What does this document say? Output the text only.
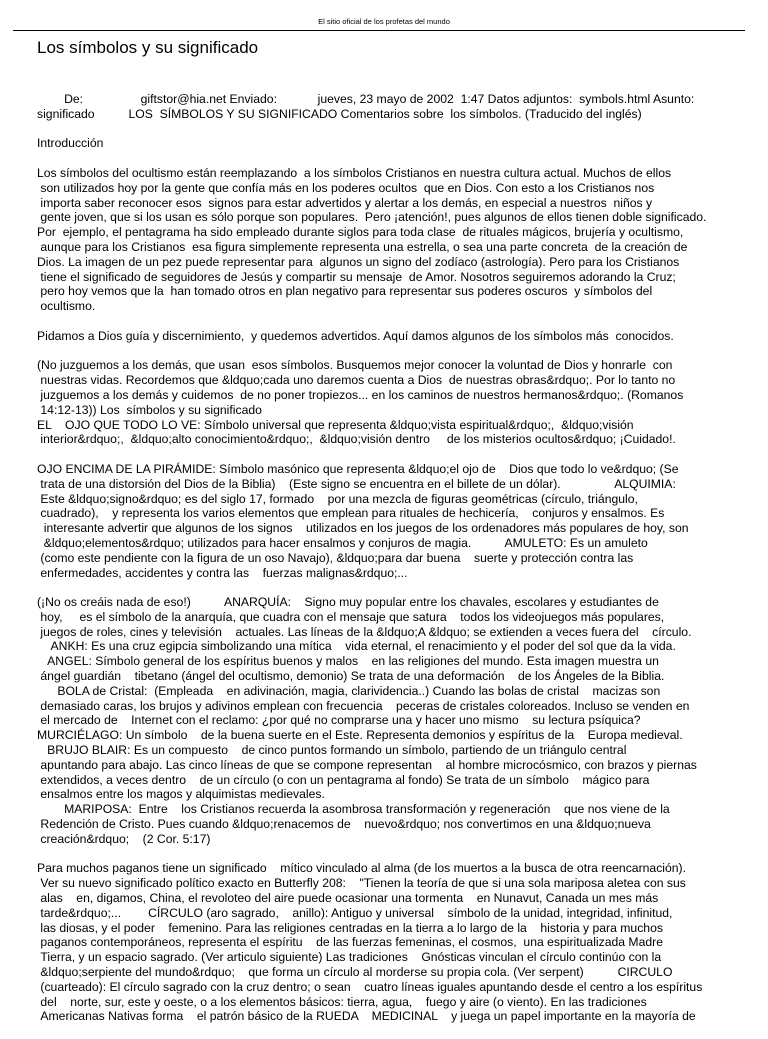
El sitio oficial de los profetas del mundo
Los símbolos y su significado

De:                 giftstor@hia.net Enviado:            jueves, 23 mayo de 2002  1:47 Datos adjuntos:  symbols.html Asunto:
significado          LOS  SÍMBOLOS Y SU SIGNIFICADO Comentarios sobre  los símbolos. (Traducido del inglés)

Introducción

Los símbolos del ocultismo están reemplazando  a los símbolos Cristianos en nuestra cultura actual. Muchos de ellos
son utilizados hoy por la gente que confía más en los poderes ocultos  que en Dios. Con esto a los Cristianos nos
importa saber reconocer esos  signos para estar advertidos y alertar a los demás, en especial a nuestros  niños y
gente joven, que si los usan es sólo porque son populares.  Pero ¡atención!, pues algunos de ellos tienen doble significado.
Por  ejemplo, el pentagrama ha sido empleado durante siglos para toda clase  de rituales mágicos, brujería y ocultismo,
aunque para los Cristianos  esa figura simplemente representa una estrella, o sea una parte concreta  de la creación de
Dios. La imagen de un pez puede representar para  algunos un signo del zodíaco (astrología). Pero para los Cristianos
tiene el significado de seguidores de Jesús y compartir su mensaje  de Amor. Nosotros seguiremos adorando la Cruz;
pero hoy vemos que la  han tomado otros en plan negativo para representar sus poderes oscuros  y símbolos del
ocultismo.

Pidamos a Dios guía y discernimiento,  y quedemos advertidos. Aquí damos algunos de los símbolos más  conocidos.

(No juzguemos a los demás, que usan  esos símbolos. Busquemos mejor conocer la voluntad de Dios y honrarle  con
nuestras vidas. Recordemos que &ldquo;cada uno daremos cuenta a Dios  de nuestras obras&rdquo;. Por lo tanto no
juzguemos a los demás y cuidemos  de no poner tropiezos... en los caminos de nuestros hermanos&rdquo;. (Romanos
14:12-13)) Los  símbolos y su significado
EL    OJO QUE TODO LO VE: Símbolo universal que representa &ldquo;vista espiritual&rdquo;,  &ldquo;visión
interior&rdquo;,  &ldquo;alto conocimiento&rdquo;,  &ldquo;visión dentro     de los misterios ocultos&rdquo; ¡Cuidado!.

OJO ENCIMA DE LA PIRÁMIDE: Símbolo masónico que representa &ldquo;el ojo de    Dios que todo lo ve&rdquo; (Se
trata de una distorsión del Dios de la Biblia)    (Este signo se encuentra en el billete de un dólar).                ALQUIMIA:
Este &ldquo;signo&rdquo; es del siglo 17, formado    por una mezcla de figuras geométricas (círculo, triángulo,
cuadrado),    y representa los varios elementos que emplean para rituales de hechicería,    conjuros y ensalmos. Es
interesante advertir que algunos de los signos    utilizados en los juegos de los ordenadores más populares de hoy, son
&ldquo;elementos&rdquo; utilizados para hacer ensalmos y conjuros de magia.          AMULETO: Es un amuleto
(como este pendiente con la figura de un oso Navajo), &ldquo;para dar buena    suerte y protección contra las
enfermedades, accidentes y contra las    fuerzas malignas&rdquo;...

(¡No os creáis nada de eso!)          ANARQUÍA:    Signo muy popular entre los chavales, escolares y estudiantes de
hoy,     es el símbolo de la anarquía, que cuadra con el mensaje que satura    todos los videojuegos más populares,
juegos de roles, cines y televisión    actuales. Las líneas de la &ldquo;A &ldquo; se extienden a veces fuera del    círculo.
ANKH: Es una cruz egipcia simbolizando una mítica    vida eternal, el renacimiento y el poder del sol que da la vida.
ANGEL: Símbolo general de los espíritus buenos y malos    en las religiones del mundo. Esta imagen muestra un
ángel guardián    tibetano (ángel del ocultismo, demonio) Se trata de una deformación    de los Ángeles de la Biblia.
BOLA de Cristal:  (Empleada    en adivinación, magia, clarividencia..) Cuando las bolas de cristal    macizas son
demasiado caras, los brujos y adivinos emplean con frecuencia    peceras de cristales coloreados. Incluso se venden en
el mercado de    Internet con el reclamo: ¿por qué no comprarse una y hacer uno mismo    su lectura psíquica?
MURCIÉLAGO: Un símbolo    de la buena suerte en el Este. Representa demonios y espíritus de la    Europa medieval.
BRUJO BLAIR: Es un compuesto    de cinco puntos formando un símbolo, partiendo de un triángulo central
apuntando para abajo. Las cinco líneas de que se compone representan    al hombre microcósmico, con brazos y piernas
extendidos, a veces dentro    de un círculo (o con un pentagrama al fondo) Se trata de un símbolo    mágico para
ensalmos entre los magos y alquimistas medievales.
MARIPOSA:  Entre    los Cristianos recuerda la asombrosa transformación y regeneración    que nos viene de la
Redención de Cristo. Pues cuando &ldquo;renacemos de    nuevo&rdquo; nos convertimos en una &ldquo;nueva
creación&rdquo;    (2 Cor. 5:17)

Para muchos paganos tiene un significado    mítico vinculado al alma (de los muertos a la busca de otra reencarnación).
Ver su nuevo significado político exacto en Butterfly 208:    "Tienen la teoría de que si una sola mariposa aletea con sus
alas    en, digamos, China, el revoloteo del aire puede ocasionar una tormenta    en Nunavut, Canada un mes más
tarde&rdquo;...        CÍRCULO (aro sagrado,    anillo): Antiguo y universal    símbolo de la unidad, integridad, infinitud,
las diosas, y el poder    femenino. Para las religiones centradas en la tierra a lo largo de la    historia y para muchos
paganos contemporáneos, representa el espíritu    de las fuerzas femeninas, el cosmos,  una espiritualizada Madre
Tierra, y un espacio sagrado. (Ver articulo siguiente) Las tradiciones    Gnósticas vinculan el círculo continúo con la
&ldquo;serpiente del mundo&rdquo;    que forma un círculo al morderse su propia cola. (Ver serpent)          CIRCULO
(cuarteado): El círculo sagrado con la cruz dentro; o sean    cuatro líneas iguales apuntando desde el centro a los espíritus
del    norte, sur, este y oeste, o a los elementos básicos: tierra, agua,    fuego y aire (o viento). En las tradiciones
Americanas Nativas forma    el patrón básico de la RUEDA    MEDICINAL    y juega un papel importante en la mayoría de
